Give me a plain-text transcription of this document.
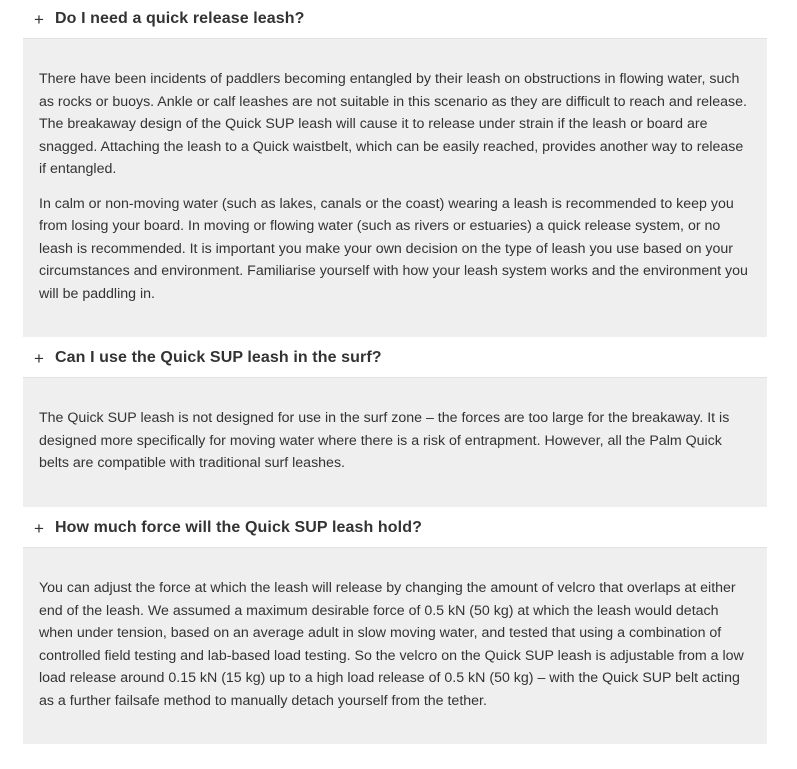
+ Do I need a quick release leash?

There have been incidents of paddlers becoming entangled by their leash on obstructions in flowing water, such as rocks or buoys. Ankle or calf leashes are not suitable in this scenario as they are difficult to reach and release. The breakaway design of the Quick SUP leash will cause it to release under strain if the leash or board are snagged. Attaching the leash to a Quick waistbelt, which can be easily reached, provides another way to release if entangled.

In calm or non-moving water (such as lakes, canals or the coast) wearing a leash is recommended to keep you from losing your board. In moving or flowing water (such as rivers or estuaries) a quick release system, or no leash is recommended. It is important you make your own decision on the type of leash you use based on your circumstances and environment. Familiarise yourself with how your leash system works and the environment you will be paddling in.

+ Can I use the Quick SUP leash in the surf?

The Quick SUP leash is not designed for use in the surf zone – the forces are too large for the breakaway. It is designed more specifically for moving water where there is a risk of entrapment. However, all the Palm Quick belts are compatible with traditional surf leashes.

+ How much force will the Quick SUP leash hold?

You can adjust the force at which the leash will release by changing the amount of velcro that overlaps at either end of the leash. We assumed a maximum desirable force of 0.5 kN (50 kg) at which the leash would detach when under tension, based on an average adult in slow moving water, and tested that using a combination of controlled field testing and lab-based load testing. So the velcro on the Quick SUP leash is adjustable from a low load release around 0.15 kN (15 kg) up to a high load release of 0.5 kN (50 kg) – with the Quick SUP belt acting as a further failsafe method to manually detach yourself from the tether.
